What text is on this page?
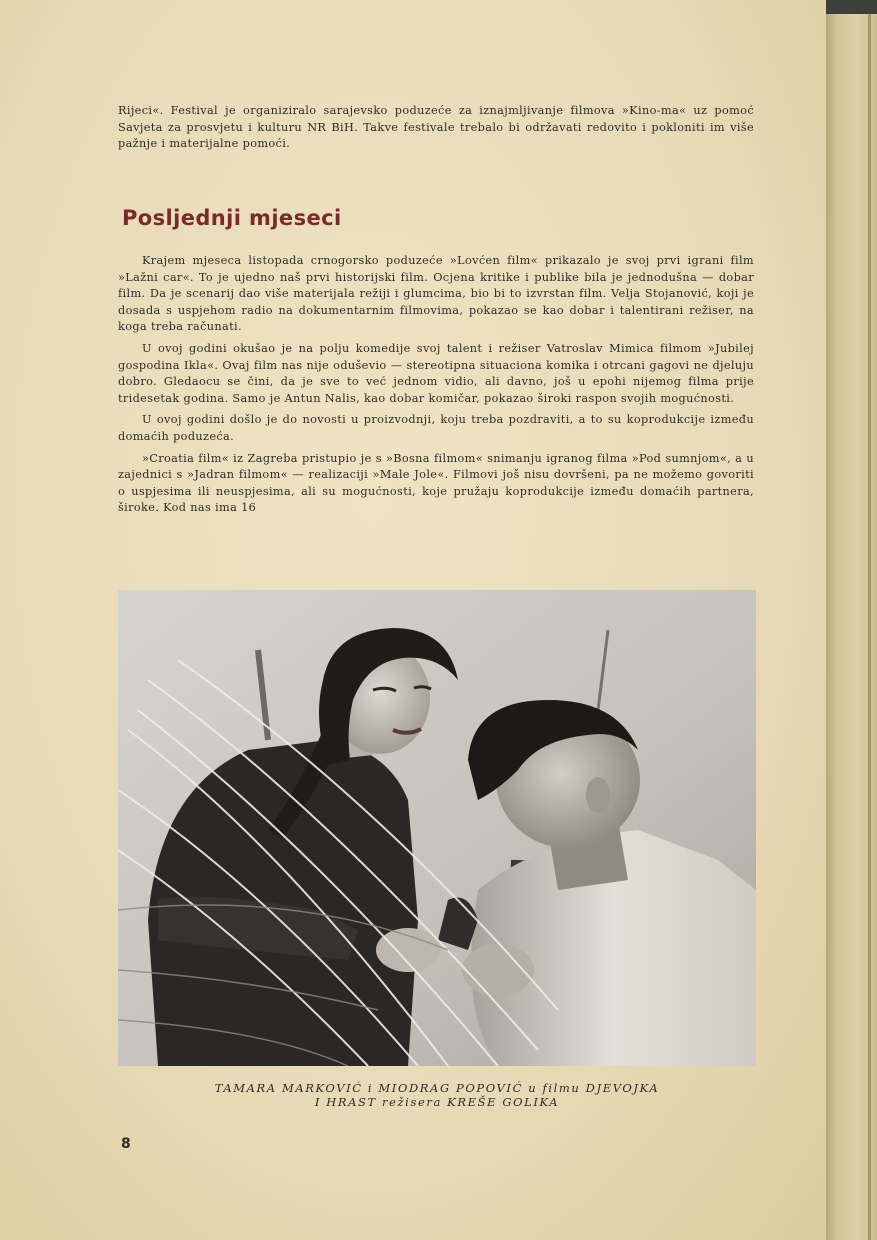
Rijeci«. Festival je organiziralo sarajevsko poduzeće za iznajmljivanje filmova »Kino-ma« uz pomoć Savjeta za prosvjetu i kulturu NR BiH. Takve festivale trebalo bi održavati redovito i pokloniti im više pažnje i materijalne pomoći.

Posljednji mjeseci

Krajem mjeseca listopada crnogorsko poduzeće »Lovćen film« prikazalo je svoj prvi igrani film »Lažni car«. To je ujedno naš prvi historijski film. Ocjena kritike i publike bila je jednodušna — dobar film. Da je scenarij dao više materijala režiji i glumcima, bio bi to izvrstan film. Velja Stojanović, koji je dosada s uspjehom radio na dokumentarnim filmovima, pokazao se kao dobar i talentirani režiser, na koga treba računati.

U ovoj godini okušao je na polju komedije svoj talent i režiser Vatroslav Mimica filmom »Jubilej gospodina Ikla«. Ovaj film nas nije oduševio — stereotipna situaciona komika i otrcani gagovi ne djeluju dobro. Gledaocu se čini, da je sve to već jednom vidio, ali davno, još u epohi nijemog filma prije tridesetak godina. Samo je Antun Nalis, kao dobar komičar, pokazao široki raspon svojih mogućnosti.

U ovoj godini došlo je do novosti u proizvodnji, koju treba pozdraviti, a to su koprodukcije između domaćih poduzeća.

»Croatia film« iz Zagreba pristupio je s »Bosna filmom« snimanju igranog filma »Pod sumnjom«, a u zajednici s »Jadran filmom« — realizaciji »Male Jole«. Filmovi još nisu dovršeni, pa ne možemo govoriti o uspjesima ili neuspjesima, ali su mogućnosti, koje pružaju koprodukcije između domaćih partnera, široke. Kod nas ima 16

TAMARA MARKOVIĆ i MIODRAG POPOVIĆ u filmu DJEVOJKA
I HRAST režisera KREŠE GOLIKA
8
